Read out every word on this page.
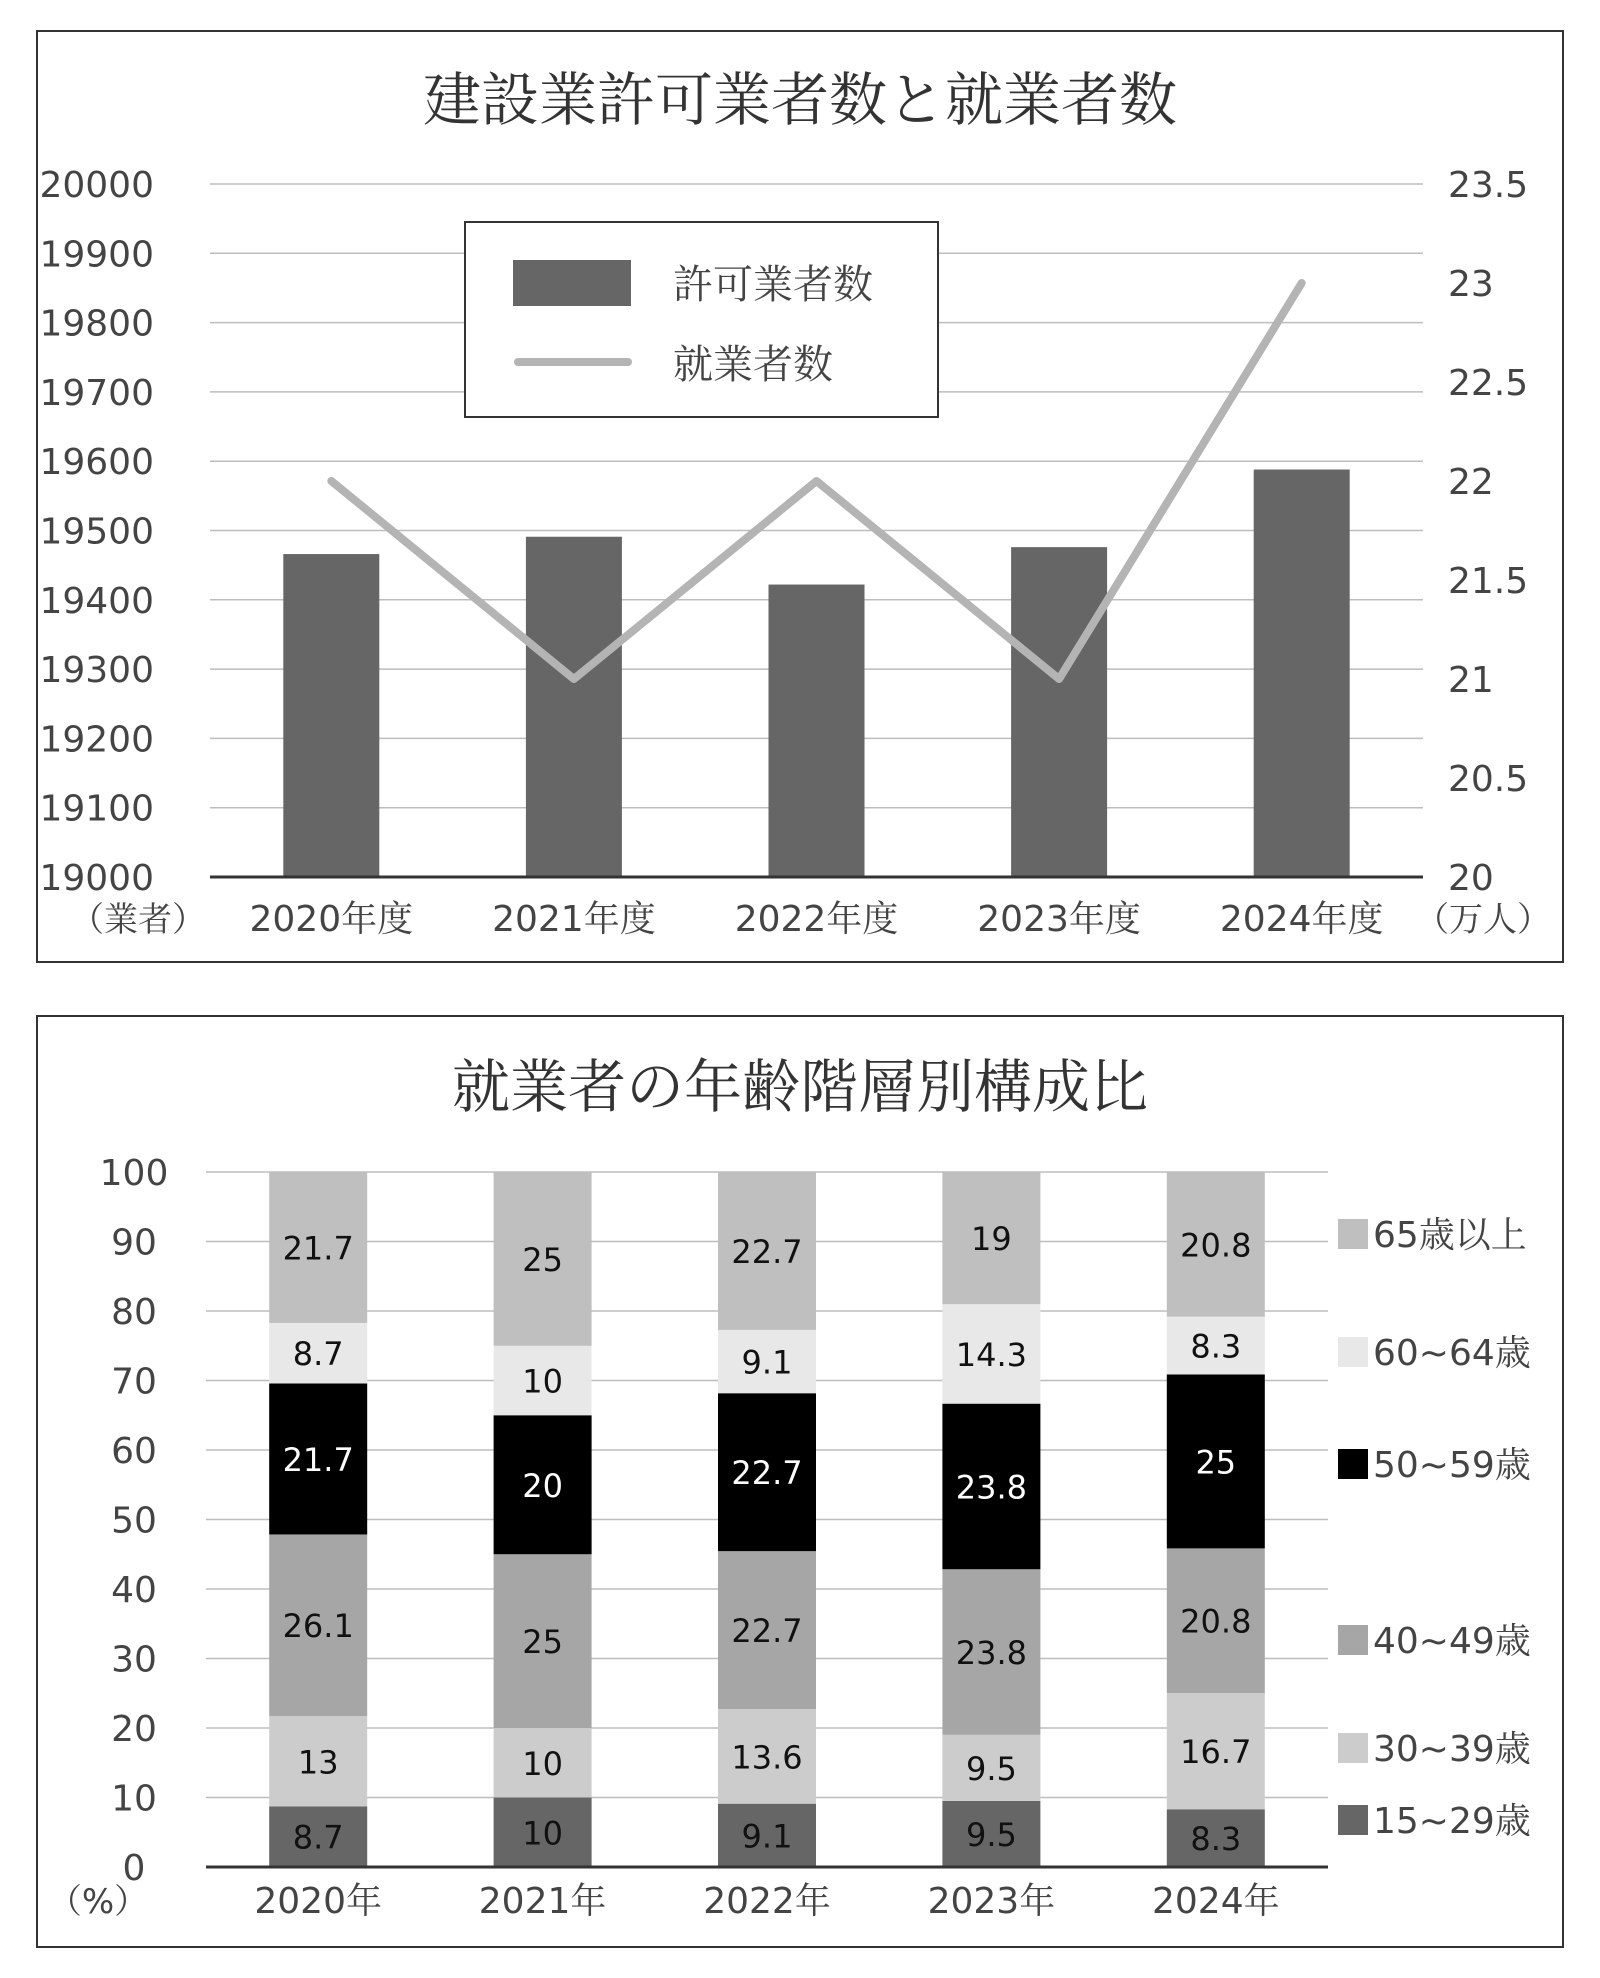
建設業許可業者数と就業者数
20000
19900
19800
19700
19600
19500
19400
19300
19200
19100
19000
23.5
23
22.5
22
21.5
21
20.5
20
2020年度 2021年度 2022年度 2023年度 2024年度
（業者）	（万人）
許可業者数
就業者数
就業者の年齢階層別構成比
8.7
13
26.1
21.7
8.7
21.7
10
10
25
20
10
25
9.1
13.6
22.7
22.7
9.1
22.7
9.5
9.5
23.8
23.8
14.3
19
8.3
16.7
20.8
25
8.3
20.8
100
90
80
70
60
50
40
30
20
10
0
2020年	2021年	2022年	2023年	2024年
（%）
15~29歳
30~39歳
40~49歳
50~59歳
60~64歳
65歳以上
